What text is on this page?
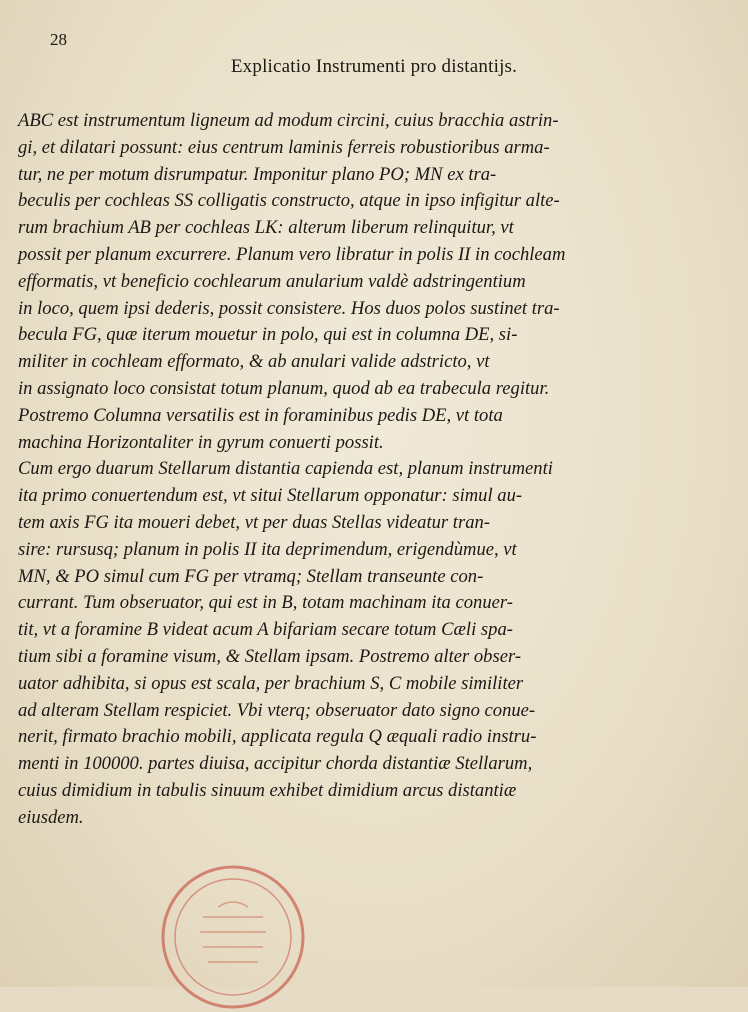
28
Explicatio Instrumenti pro distantijs.
ABC est instrumentum ligneum ad modum circini, cuius bracchia astrin-
gi, et dilatari possunt: eius centrum laminis ferreis robustioribus arma-
tur, ne per motum disrumpatur. Imponitur plano PO; MN ex tra-
beculis per cochleas SS colligatis constructo, atque in ipso infigitur alte-
rum brachium AB per cochleas LK: alterum liberum relinquitur, vt
possit per planum excurrere. Planum vero libratur in polis II in cochleam
efformatis, vt beneficio cochlearum anularium valdè adstringentium
in loco, quem ipsi dederis, possit consistere. Hos duos polos sustinet tra-
becula FG, quæ iterum mouetur in polo, qui est in columna DE, si-
militer in cochleam efformato, & ab anulari valide adstricto, vt
in assignato loco consistat totum planum, quod ab ea trabecula regitur.
Postremo Columna versatilis est in foraminibus pedis DE, vt tota
machina Horizontaliter in gyrum conuerti possit.
Cum ergo duarum Stellarum distantia capienda est, planum instrumenti
ita primo conuertendum est, vt situi Stellarum opponatur: simul au-
tem axis FG ita moueri debet, vt per duas Stellas videatur tran-
sire: rursusq; planum in polis II ita deprimendum, erigendùmue, vt
MN, & PO simul cum FG per vtramq; Stellam transeunte con-
currant. Tum obseruator, qui est in B, totam machinam ita conuer-
tit, vt a foramine B videat acum A bifariam secare totum Cæli spa-
tium sibi a foramine visum, & Stellam ipsam. Postremo alter obser-
uator adhibita, si opus est scala, per brachium S, C mobile similiter
ad alteram Stellam respiciet. Vbi vterq; obseruator dato signo conue-
nerit, firmato brachio mobili, applicata regula Q æquali radio instru-
menti in 100000. partes diuisa, accipitur chorda distantiæ Stellarum,
cuius dimidium in tabulis sinuum exhibet dimidium arcus distantiæ
eiusdem.
